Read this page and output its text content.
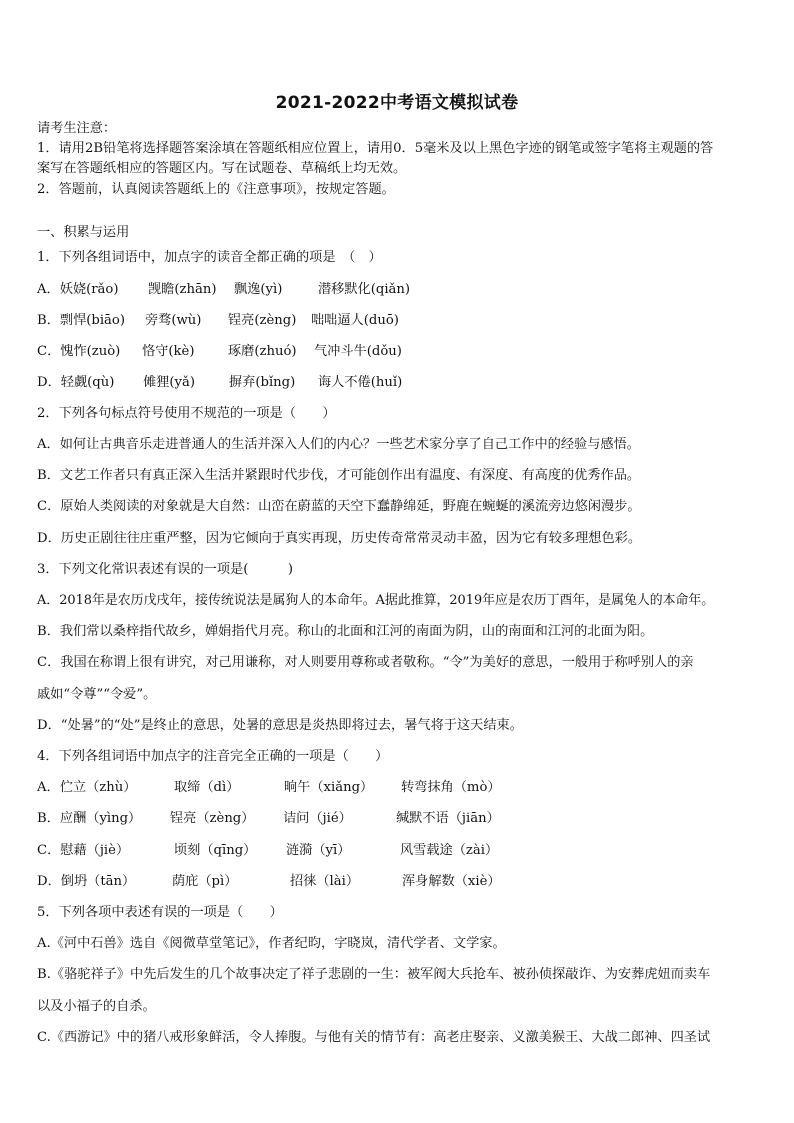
2021-2022中考语文模拟试卷
请考生注意：
1．请用2B铅笔将选择题答案涂填在答题纸相应位置上，请用0．5毫米及以上黑色字迹的钢笔或签字笔将主观题的答
案写在答题纸相应的答题区内。写在试题卷、草稿纸上均无效。
2．答题前，认真阅读答题纸上的《注意事项》，按规定答题。
一、积累与运用
1．下列各组词语中，加点字的读音全都正确的项是　（　）
A．妖娆(rǎo) 觊瞻(zhān) 飘逸(yì)	潜移默化(qiǎn)
B．剽悍(biāo) 旁骛(wù) 锃亮(zèng) 咄咄逼人(duō)
C．愧怍(zuò) 恪守(kè)	琢磨(zhuó) 气冲斗牛(dǒu)
D．轻觑(qù) 傩狸(yǎ)	摒弃(bǐng) 诲人不倦(huǐ)
2．下列各句标点符号使用不规范的一项是（　　）
A．如何让古典音乐走进普通人的生活并深入人们的内心？一些艺术家分享了自己工作中的经验与感悟。
B．文艺工作者只有真正深入生活并紧跟时代步伐，才可能创作出有温度、有深度、有高度的优秀作品。
C．原始人类阅读的对象就是大自然：山峦在蔚蓝的天空下蠢静绵延，野鹿在蜿蜒的溪流旁边悠闲漫步。
D．历史正剧往往庄重严整，因为它倾向于真实再现，历史传奇常常灵动丰盈，因为它有较多理想色彩。
3．下列文化常识表述有误的一项是(　　　)
A．2018年是农历戊戌年，接传统说法是属狗人的本命年。A据此推算，2019年应是农历丁酉年，是属兔人的本命年。
B．我们常以桑梓指代故乡，婵娟指代月亮。称山的北面和江河的南面为阴，山的南面和江河的北面为阳。
C．我国在称谓上很有讲究，对己用谦称，对人则要用尊称或者敬称。“令”为美好的意思，一般用于称呼别人的亲
戚如“令尊”“令爱”。
D．“处暑”的“处”是终止的意思，处暑的意思是炎热即将过去，暑气将于这天结束。
4．下列各组词语中加点字的注音完全正确的一项是（　　）
A．伫立（zhù）	取缔（dì）	晌午（xiǎng） 转弯抹角（mò）
B．应酬（yìng） 锃亮（zèng） 诘问（jié）	缄默不语（jiān）
C．慰藉（jiè）	顷刻（qīng） 涟漪（yī）	风雪载途（zài）
D．倒坍（tān）	荫庇（pì）	招徕（lài）	浑身解数（xiè）
5．下列各项中表述有误的一项是（　　）
A.《河中石兽》选自《阅微草堂笔记》，作者纪昀，字晓岚，清代学者、文学家。
B.《骆驼祥子》中先后发生的几个故事决定了祥子悲剧的一生：被军阀大兵抢车、被孙侦探敲诈、为安葬虎妞而卖车
以及小福子的自杀。
C.《西游记》中的猪八戒形象鲜活，令人捧腹。与他有关的情节有：高老庄娶亲、义激美猴王、大战二郎神、四圣试
